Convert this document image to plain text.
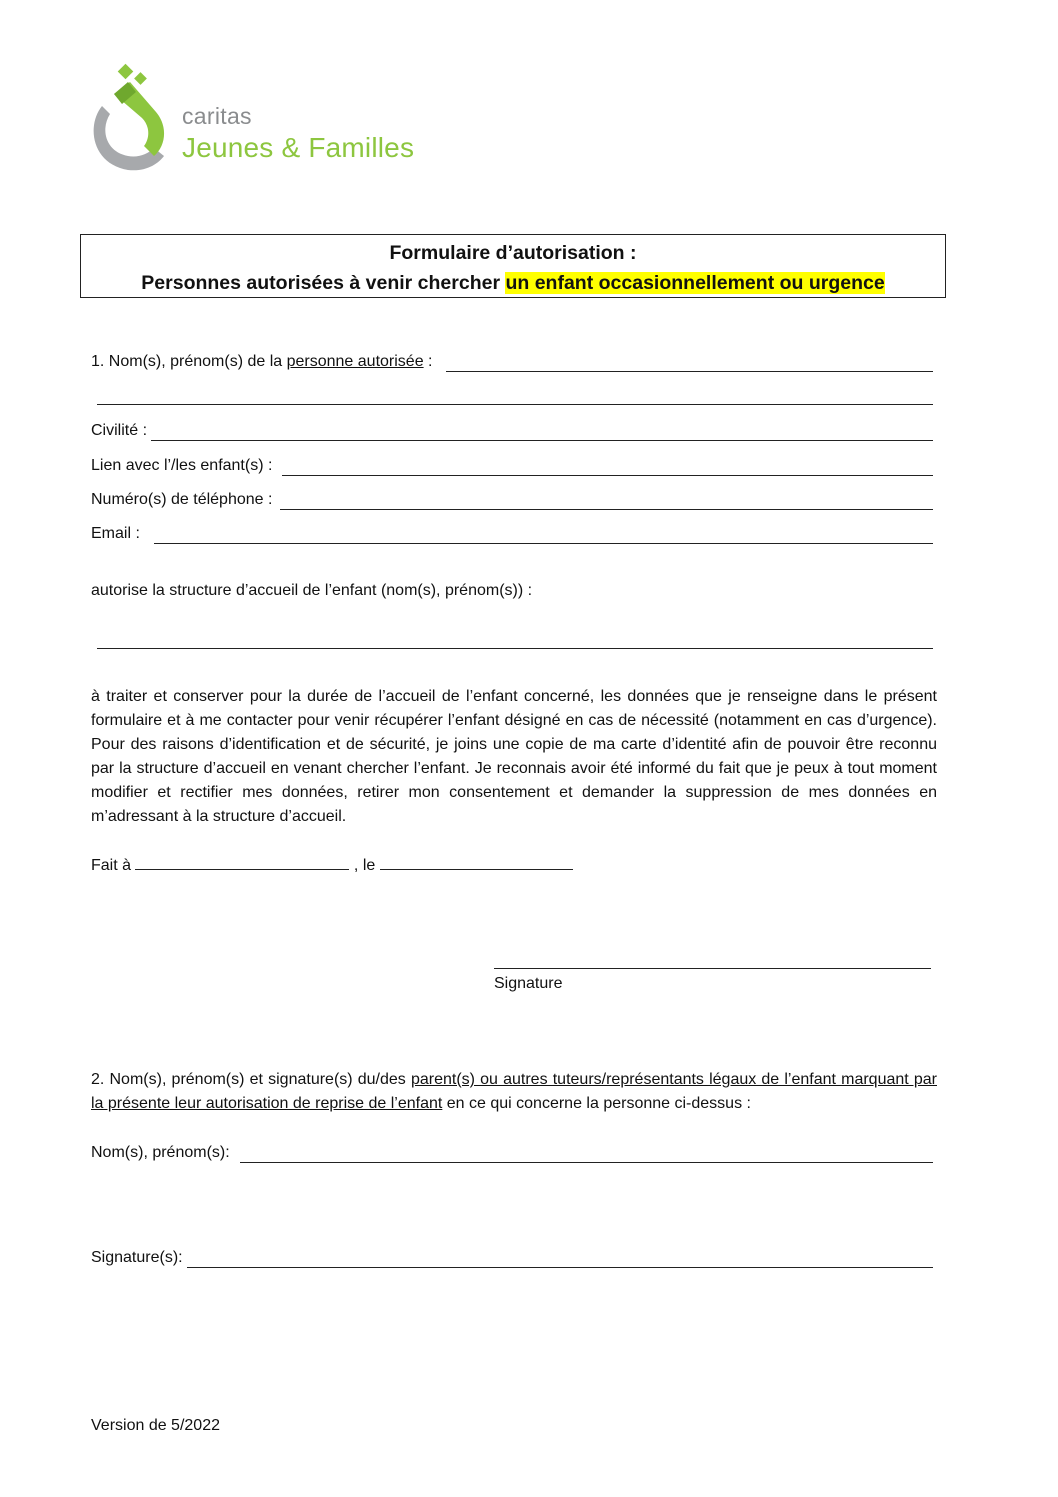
caritas
Jeunes & Familles
Formulaire d’autorisation :
Personnes autorisées à venir chercher un enfant occasionnellement ou urgence
1. Nom(s), prénom(s) de la personne autorisée :
Civilité :
Lien avec l’/les enfant(s) :
Numéro(s) de téléphone :
Email :
autorise la structure d’accueil de l’enfant (nom(s), prénom(s)) :
à traiter et conserver pour la durée de l’accueil de l’enfant concerné, les données que je renseigne dans le présent formulaire et à me contacter pour venir récupérer l’enfant désigné en cas de nécessité (notamment en cas d’urgence). Pour des raisons d’identification et de sécurité, je joins une copie de ma carte d’identité afin de pouvoir être reconnu par la structure d’accueil en venant chercher l’enfant. Je reconnais avoir été informé du fait que je peux à tout moment modifier et rectifier mes données, retirer mon consentement et demander la suppression de mes données en m’adressant à la structure d’accueil.
Fait à	, le
Signature
2. Nom(s), prénom(s) et signature(s) du/des parent(s) ou autres tuteurs/représentants légaux de l’enfant marquant par la présente leur autorisation de reprise de l’enfant en ce qui concerne la personne ci-dessus :
Nom(s), prénom(s):
Signature(s):
Version de 5/2022
